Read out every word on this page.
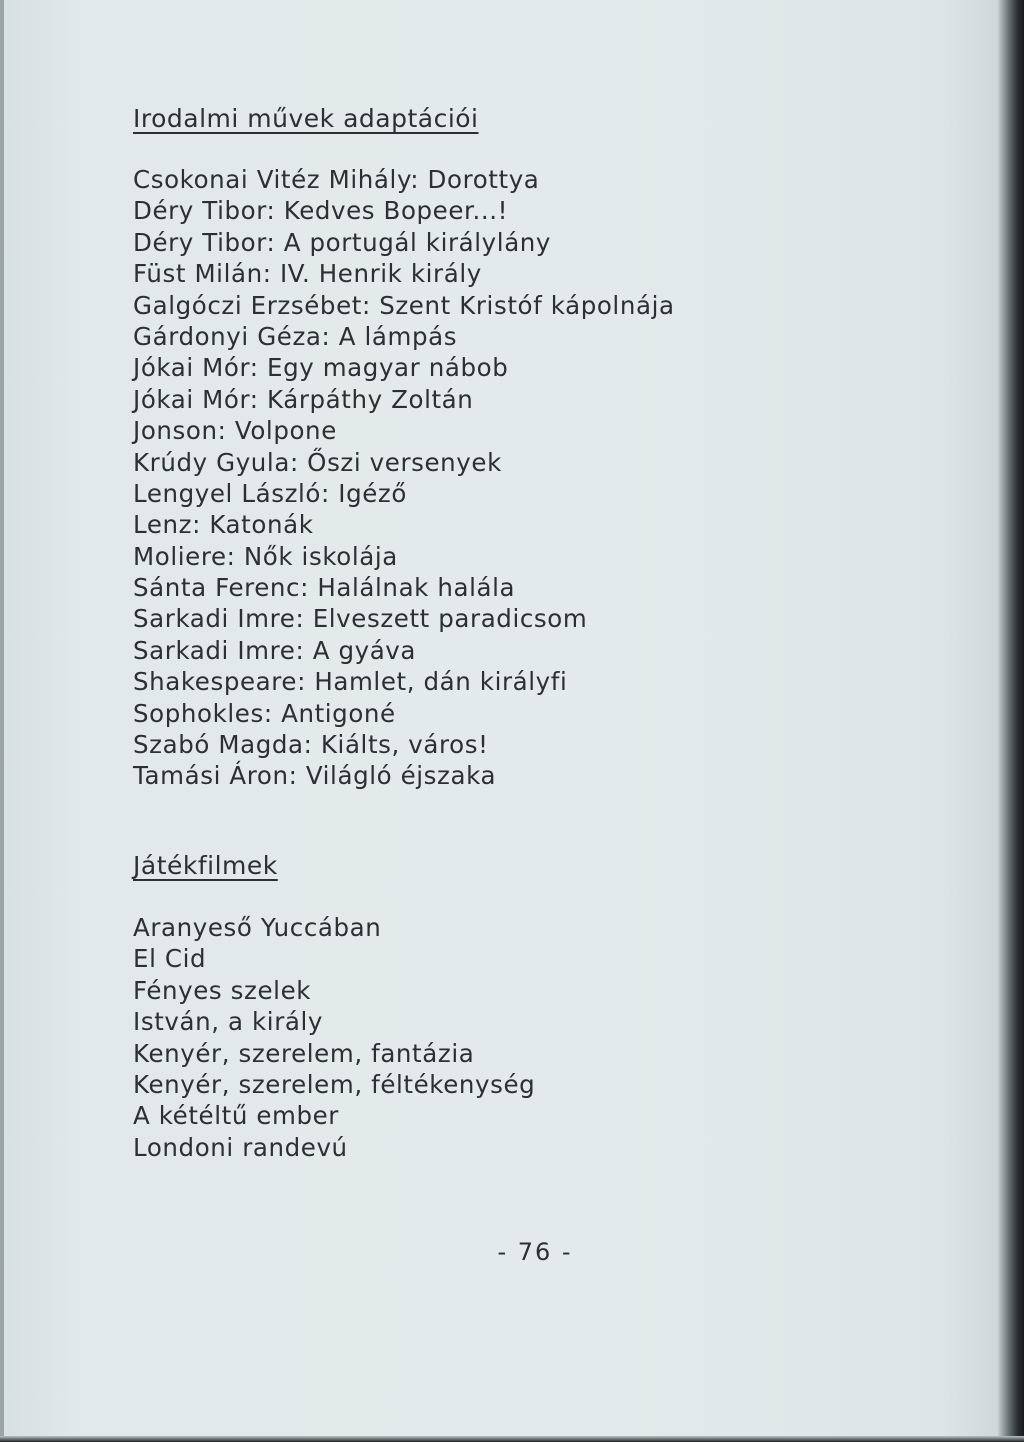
Irodalmi művek adaptációi
Csokonai Vitéz Mihály: Dorottya
Déry Tibor: Kedves Bopeer...!
Déry Tibor: A portugál királylány
Füst Milán: IV. Henrik király
Galgóczi Erzsébet: Szent Kristóf kápolnája
Gárdonyi Géza: A lámpás
Jókai Mór: Egy magyar nábob
Jókai Mór: Kárpáthy Zoltán
Jonson: Volpone
Krúdy Gyula: Őszi versenyek
Lengyel László: Igéző
Lenz: Katonák
Moliere: Nők iskolája
Sánta Ferenc: Halálnak halála
Sarkadi Imre: Elveszett paradicsom
Sarkadi Imre: A gyáva
Shakespeare: Hamlet, dán királyfi
Sophokles: Antigoné
Szabó Magda: Kiálts, város!
Tamási Áron: Világló éjszaka
Játékfilmek
Aranyeső Yuccában
El Cid
Fényes szelek
István, a király
Kenyér, szerelem, fantázia
Kenyér, szerelem, féltékenység
A kétéltű ember
Londoni randevú
- 76 -
